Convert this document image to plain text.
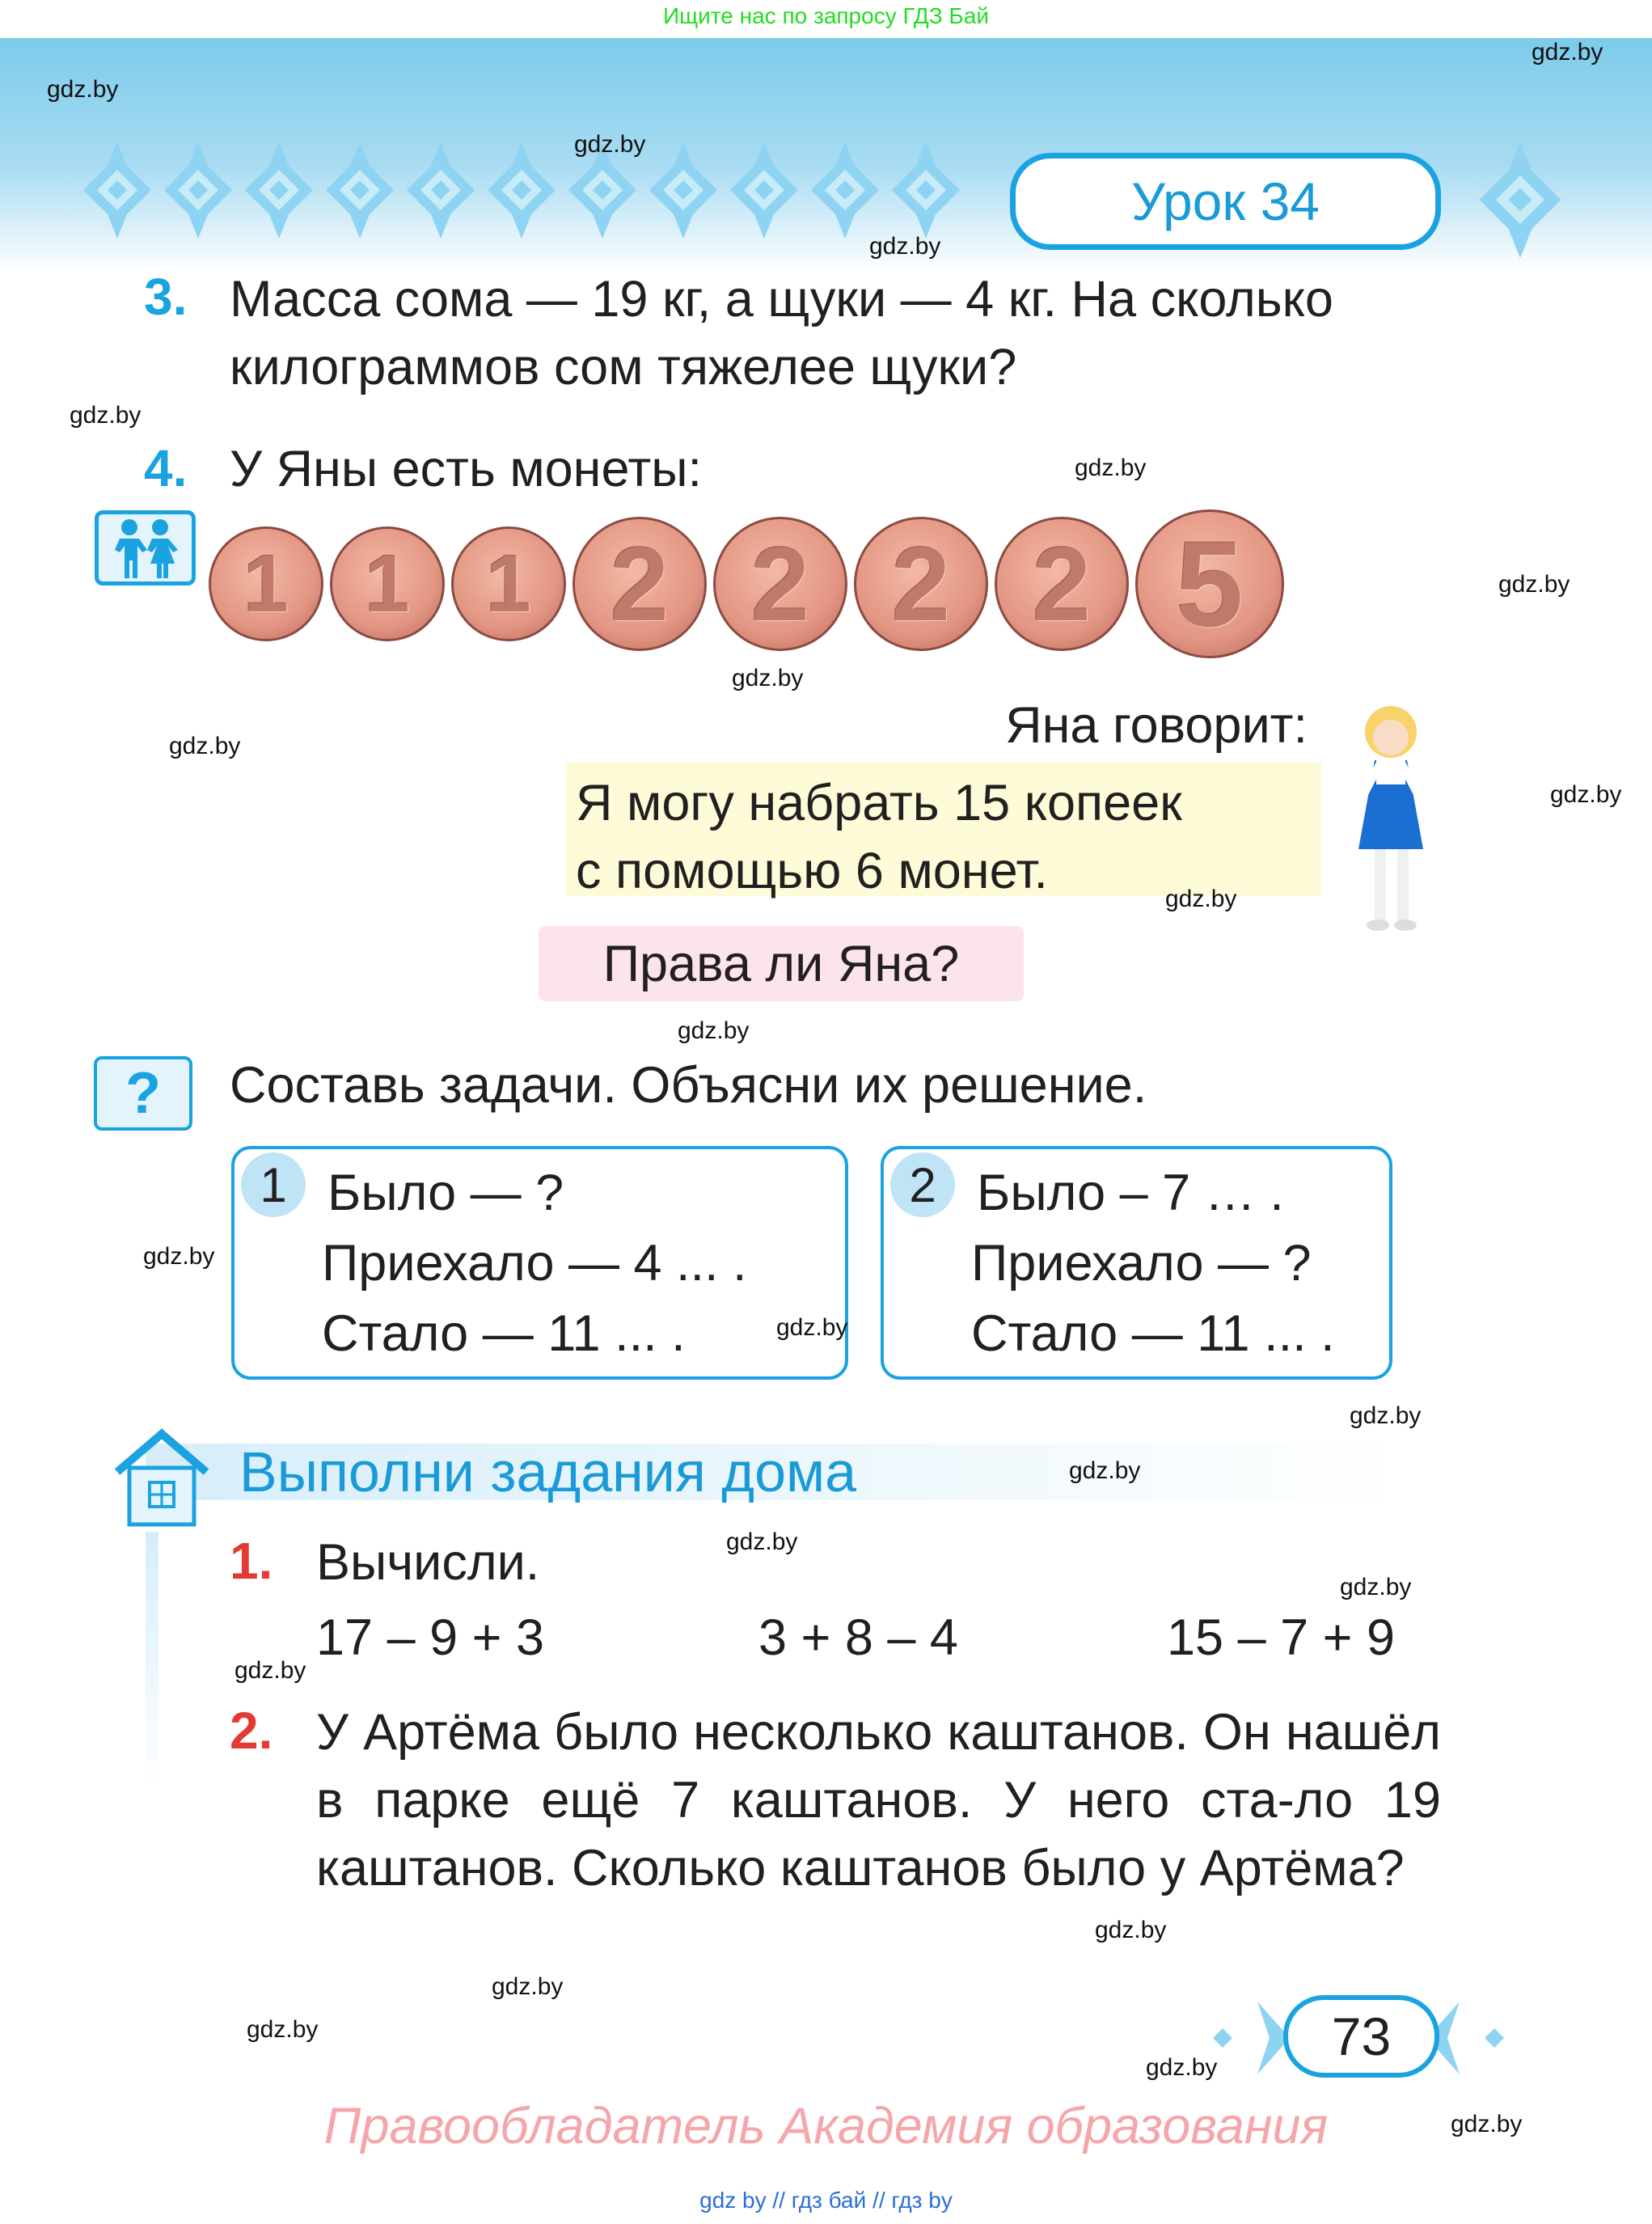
Ищите нас по запросу ГДЗ Бай
Урок 34
3. Масса сома — 19 кг, а щуки — 4 кг. На сколько
килограммов сом тяжелее щуки?
4. У Яны есть монеты:
1 1 1 2 2 2 2 5
Яна говорит:
Я могу набрать 15 копеек
с помощью 6 монет.
Права ли Яна?
?	Составь задачи. Объясни их решение.
1 Было — ?
Приехало — 4 ... .
Стало — 11 ... .
2 Было – 7 … .
Приехало — ?
Стало — 11 ... .
Выполни задания дома
1. Вычисли.
17 – 9 + 3	3 + 8 – 4	15 – 7 + 9
2. У Артёма было несколько каштанов. Он нашёл в парке ещё 7 каштанов. У него ста-ло 19 каштанов. Сколько каштанов было у Артёма?
73
Правообладатель Академия образования
gdz by // гдз бай // гдз by
gdz.by
gdz.by
gdz.by
gdz.by
gdz.by
gdz.by
gdz.by
gdz.by
gdz.by
gdz.by
gdz.by
gdz.by
gdz.by
gdz.by
gdz.by
gdz.by
gdz.by
gdz.by
gdz.by
gdz.by
gdz.by
gdz.by
gdz.by
gdz.by
